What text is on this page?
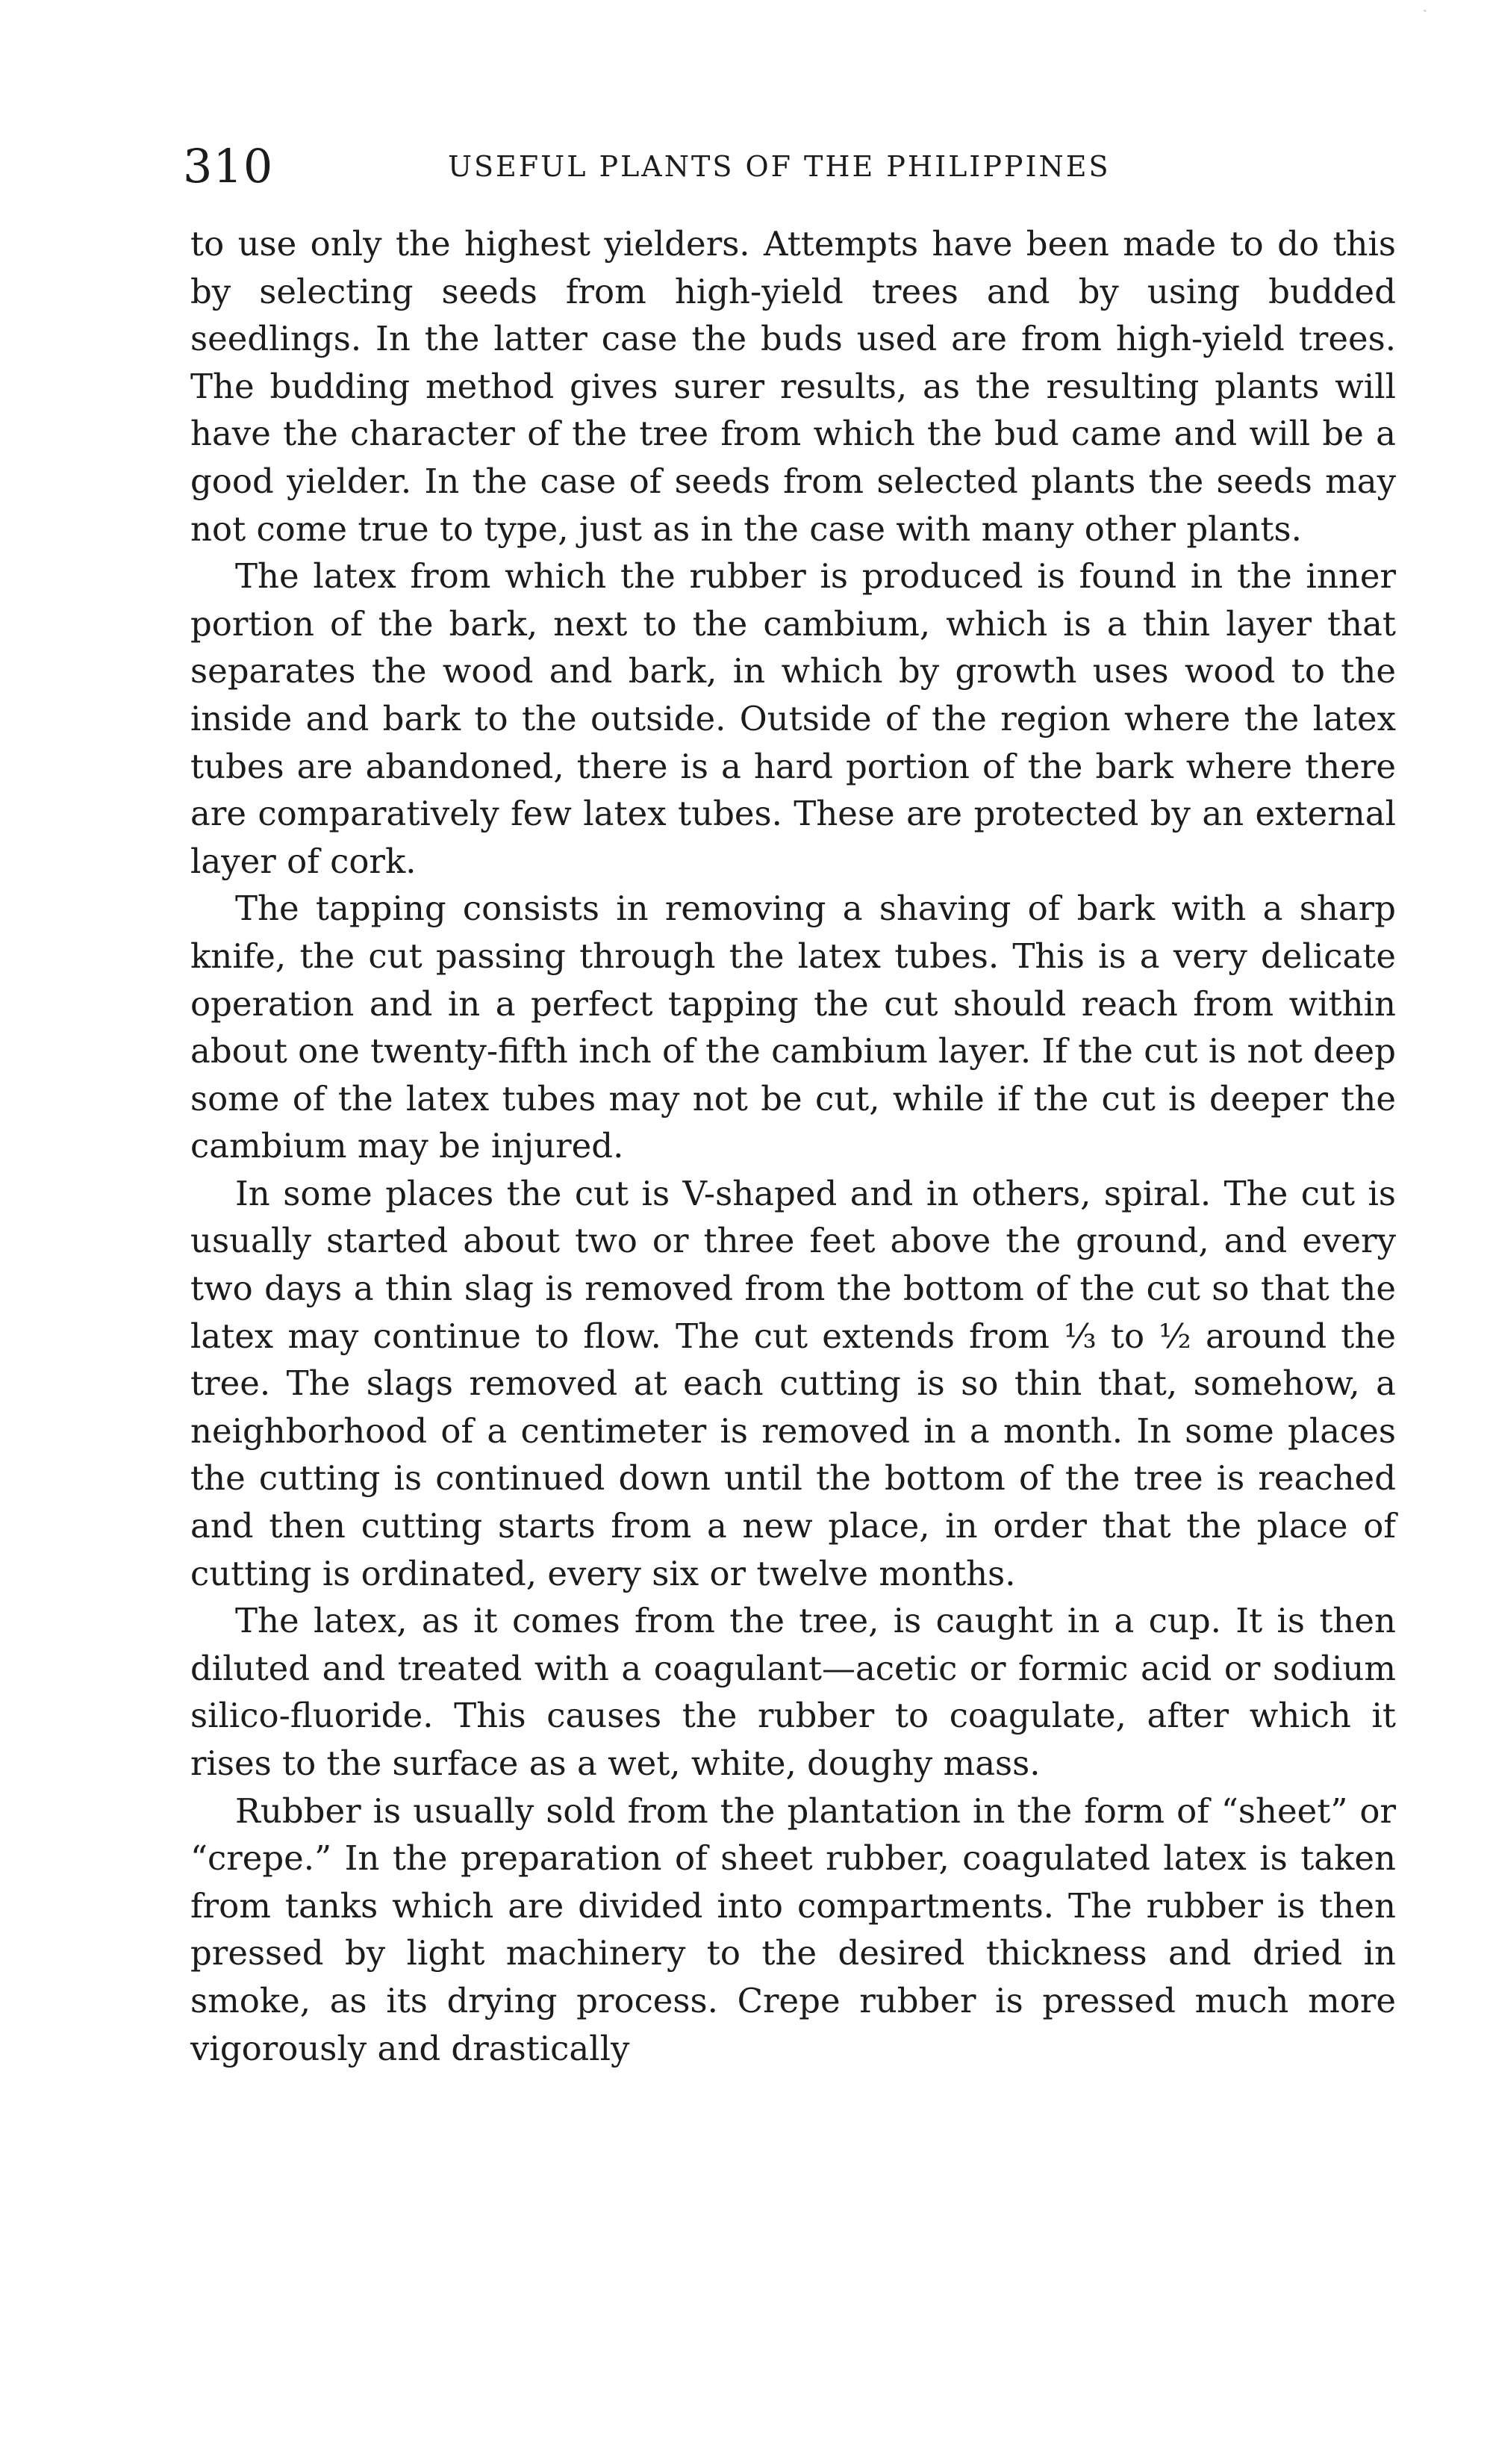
·
310	USEFUL PLANTS OF THE PHILIPPINES

to use only the highest yielders. Attempts have been made to do this by selecting seeds from high-yield trees and by using budded seedlings. In the latter case the buds used are from high-yield trees. The budding method gives surer results, as the resulting plants will have the character of the tree from which the bud came and will be a good yielder. In the case of seeds from selected plants the seeds may not come true to type, just as in the case with many other plants.

The latex from which the rubber is produced is found in the inner portion of the bark, next to the cambium, which is a thin layer that separates the wood and bark, in which by growth uses wood to the inside and bark to the outside. Outside of the region where the latex tubes are abandoned, there is a hard portion of the bark where there are comparatively few latex tubes. These are protected by an external layer of cork.

The tapping consists in removing a shaving of bark with a sharp knife, the cut passing through the latex tubes. This is a very delicate operation and in a perfect tapping the cut should reach from within about one twenty-fifth inch of the cambium layer. If the cut is not deep some of the latex tubes may not be cut, while if the cut is deeper the cambium may be injured.

In some places the cut is V-shaped and in others, spiral. The cut is usually started about two or three feet above the ground, and every two days a thin slag is removed from the bottom of the cut so that the latex may continue to flow. The cut extends from ⅓ to ½ around the tree. The slags removed at each cutting is so thin that, somehow, a neighborhood of a centimeter is removed in a month. In some places the cutting is continued down until the bottom of the tree is reached and then cutting starts from a new place, in order that the place of cutting is ordinated, every six or twelve months.

The latex, as it comes from the tree, is caught in a cup. It is then diluted and treated with a coagulant—acetic or formic acid or sodium silico-fluoride. This causes the rubber to coagulate, after which it rises to the surface as a wet, white, doughy mass.

Rubber is usually sold from the plantation in the form of “sheet” or “crepe.” In the preparation of sheet rubber, coagulated latex is taken from tanks which are divided into compartments. The rubber is then pressed by light machinery to the desired thickness and dried in smoke, as its drying process. Crepe rubber is pressed much more vigorously and drastically
